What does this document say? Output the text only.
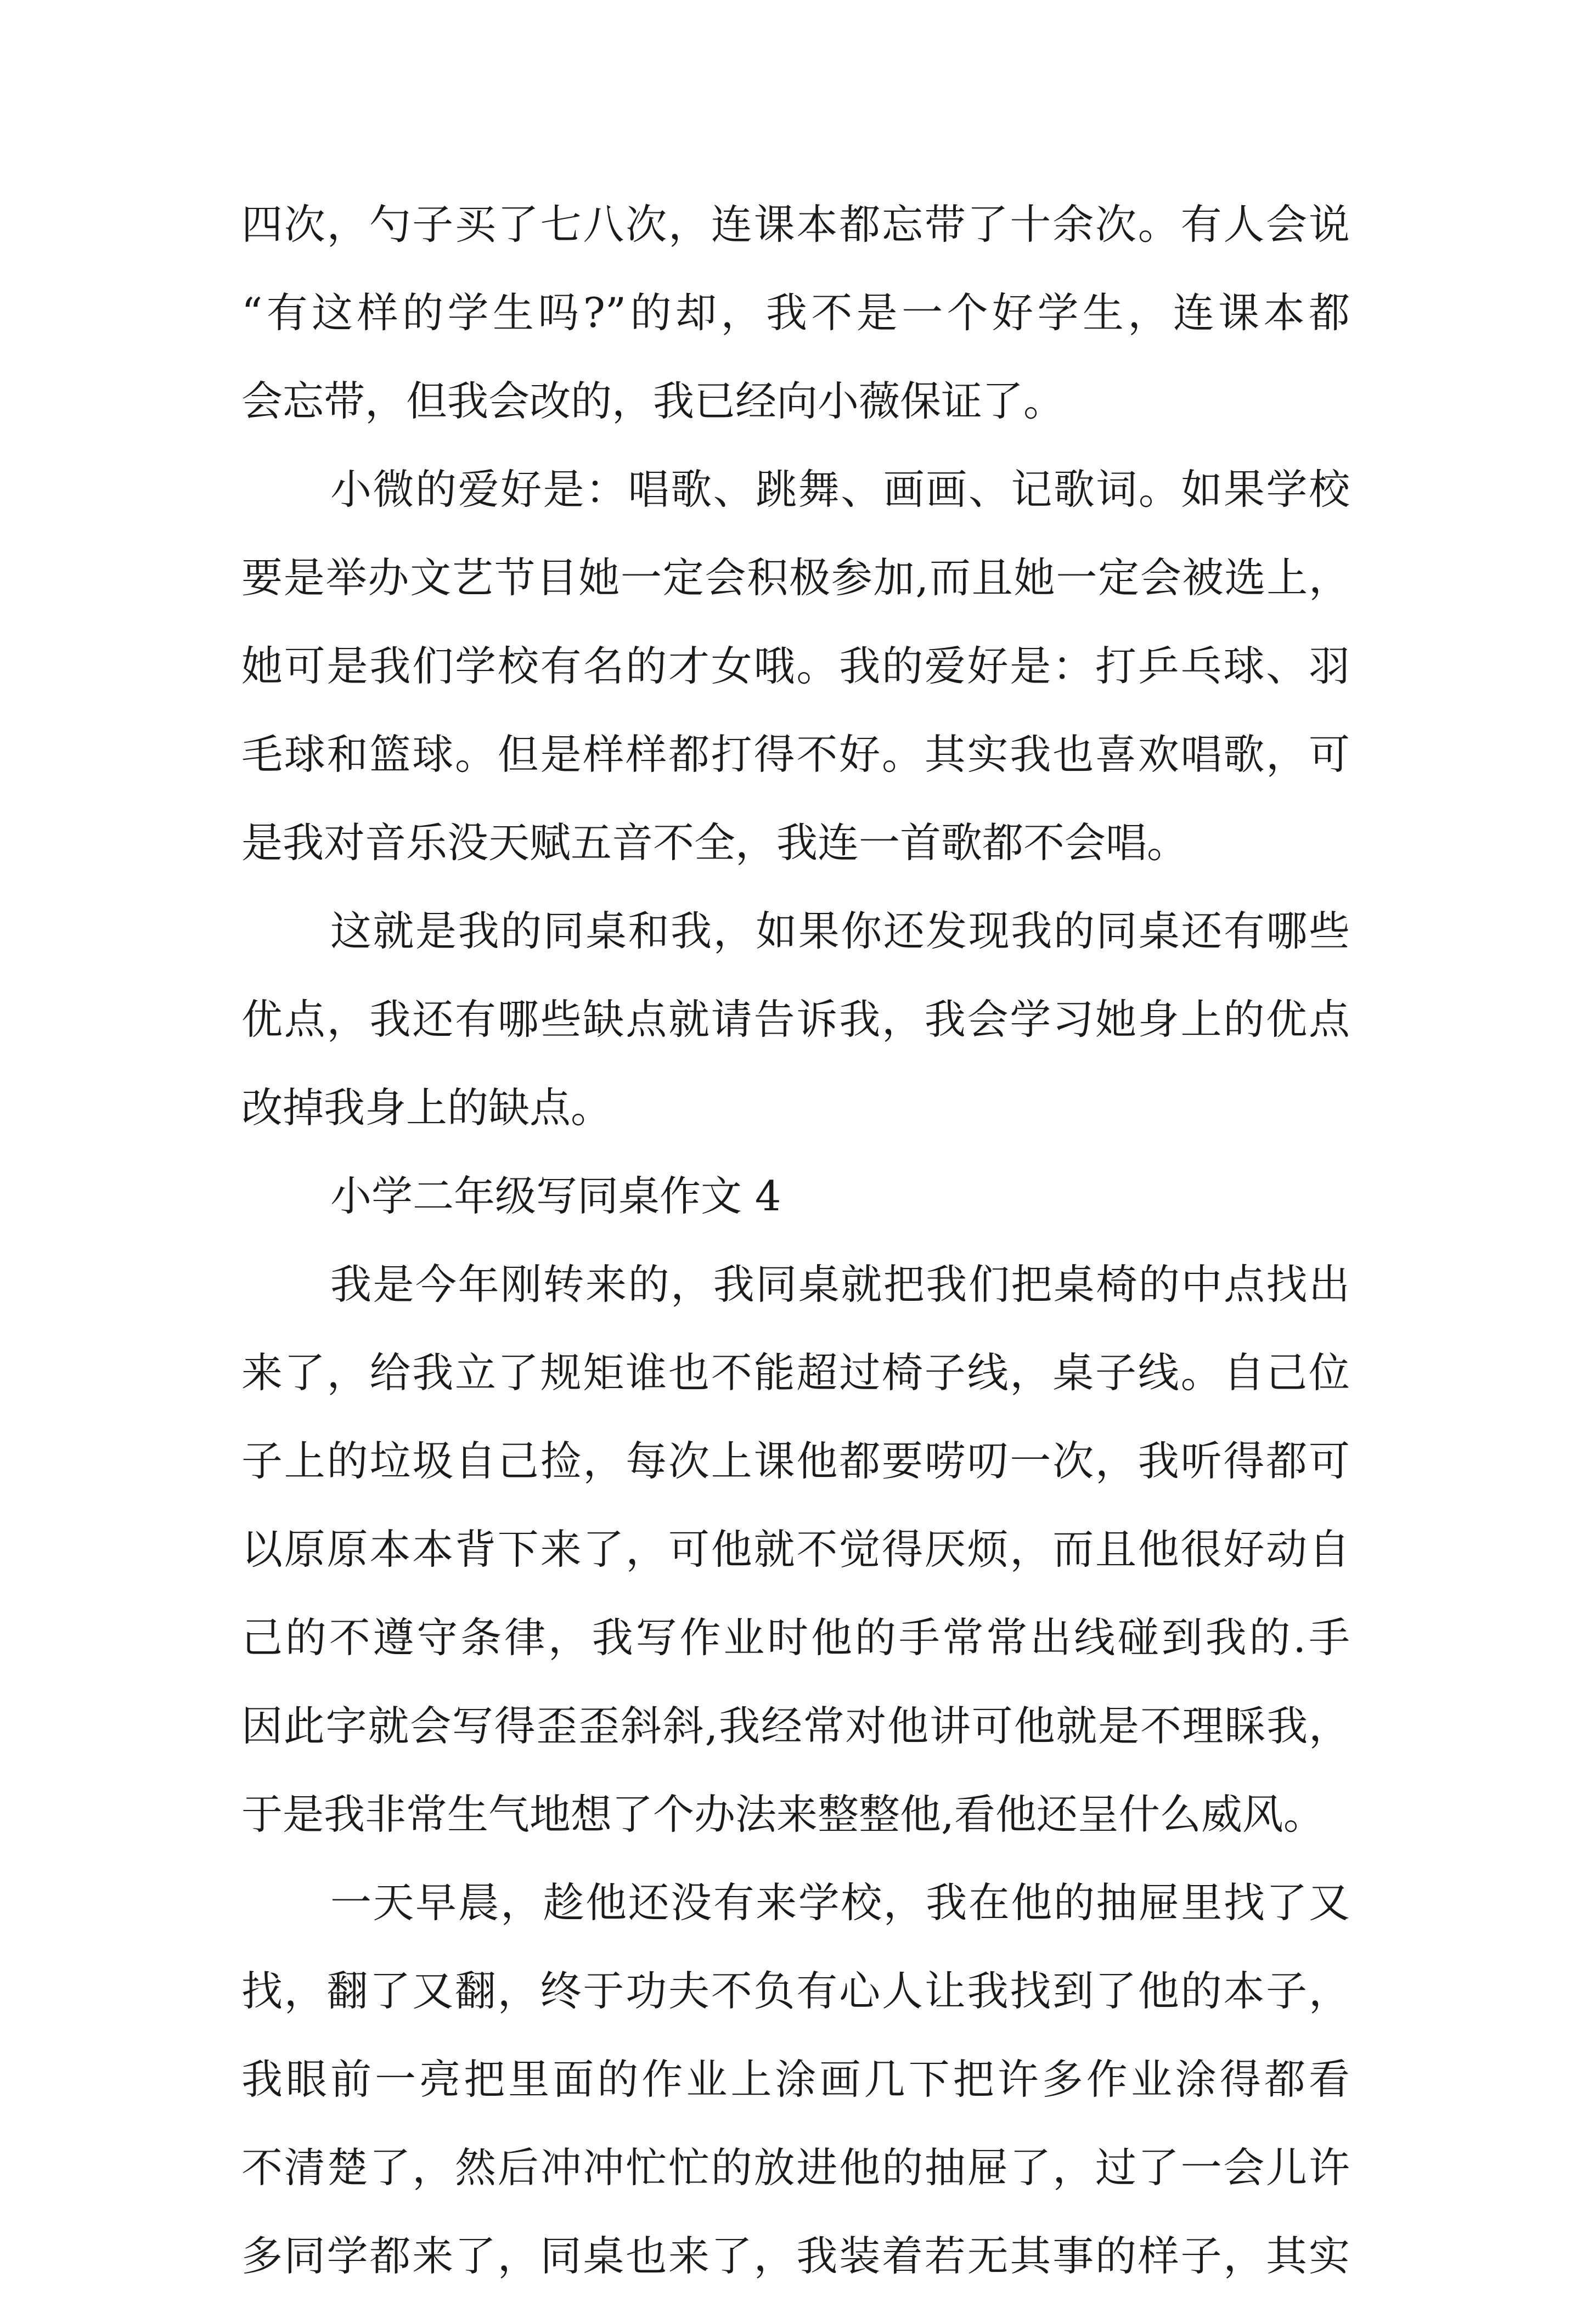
四次，勺子买了七八次，连课本都忘带了十余次。有人会说
“有这样的学生吗?”的却，我不是一个好学生，连课本都
会忘带，但我会改的，我已经向小薇保证了。
小微的爱好是：唱歌、跳舞、画画、记歌词。如果学校
要是举办文艺节目她一定会积极参加,而且她一定会被选上，
她可是我们学校有名的才女哦。我的爱好是：打乒乓球、羽
毛球和篮球。但是样样都打得不好。其实我也喜欢唱歌，可
是我对音乐没天赋五音不全，我连一首歌都不会唱。
这就是我的同桌和我，如果你还发现我的同桌还有哪些
优点，我还有哪些缺点就请告诉我，我会学习她身上的优点
改掉我身上的缺点。
小学二年级写同桌作文 4
我是今年刚转来的，我同桌就把我们把桌椅的中点找出
来了，给我立了规矩谁也不能超过椅子线，桌子线。自己位
子上的垃圾自己捡，每次上课他都要唠叨一次，我听得都可
以原原本本背下来了，可他就不觉得厌烦，而且他很好动自
己的不遵守条律，我写作业时他的手常常出线碰到我的.手
因此字就会写得歪歪斜斜,我经常对他讲可他就是不理睬我，
于是我非常生气地想了个办法来整整他,看他还呈什么威风。
一天早晨，趁他还没有来学校，我在他的抽屉里找了又
找，翻了又翻，终于功夫不负有心人让我找到了他的本子，
我眼前一亮把里面的作业上涂画几下把许多作业涂得都看
不清楚了，然后冲冲忙忙的放进他的抽屉了，过了一会儿许
多同学都来了，同桌也来了，我装着若无其事的样子，其实
